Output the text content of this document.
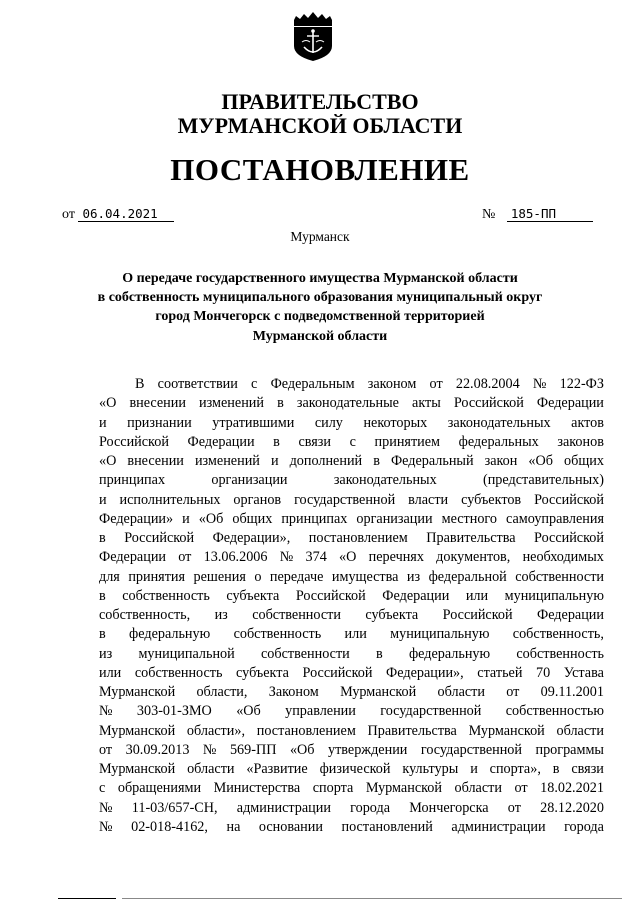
ПРАВИТЕЛЬСТВО
МУРМАНСКОЙ ОБЛАСТИ
ПОСТАНОВЛЕНИЕ
от 06.04.2021	№ 185-ПП
Мурманск
О передаче государственного имущества Мурманской области
в собственность муниципального образования муниципальный округ
город Мончегорск с подведомственной территорией
Мурманской области
В соответствии с Федеральным законом от 22.08.2004 № 122-ФЗ
«О внесении изменений в законодательные акты Российской Федерации
и признании утратившими силу некоторых законодательных актов
Российской Федерации в связи с принятием федеральных законов
«О внесении изменений и дополнений в Федеральный закон «Об общих
принципах	организации	законодательных	(представительных)
и исполнительных органов государственной власти субъектов Российской
Федерации» и «Об общих принципах организации местного самоуправления
в Российской Федерации», постановлением Правительства Российской
Федерации от 13.06.2006 № 374 «О перечнях документов, необходимых
для принятия решения о передаче имущества из федеральной собственности
в собственность субъекта Российской Федерации или муниципальную
собственность, из собственности субъекта Российской Федерации
в федеральную собственность или муниципальную собственность,
из муниципальной собственности в федеральную собственность
или собственность субъекта Российской Федерации», статьей 70 Устава
Мурманской области, Законом Мурманской области от 09.11.2001
№ 303-01-ЗМО «Об управлении государственной собственностью
Мурманской области», постановлением Правительства Мурманской области
от 30.09.2013 № 569-ПП «Об утверждении государственной программы
Мурманской области «Развитие физической культуры и спорта», в связи
с обращениями Министерства спорта Мурманской области от 18.02.2021
№ 11-03/657-СН, администрации города Мончегорска от 28.12.2020
№ 02-018-4162, на основании постановлений администрации города
